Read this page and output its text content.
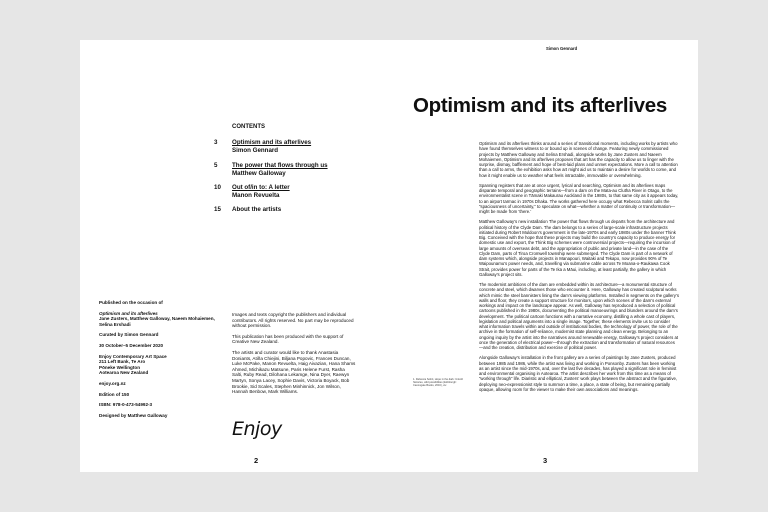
Simon Gennard
Optimism and its afterlives
CONTENTS
3 Optimism and its afterlives
Simon Gennard
5 The power that flows through us
Matthew Galloway
10 Out of/in to: A letter
Manon Revuelta
15 About the artists
Published on the occasion of
Optimism and its afterlives
Jane Zusters, Matthew Galloway, Naeem Mohaiemen, Selina Ershadi
Curated by Simon Gennard
30 October–5 December 2020
Enjoy Contemporary Art Space
211 Left Bank, Te Aro
Pōneke Wellington
Aotearoa New Zealand
enjoy.org.nz
Edition of 150
ISBN: 978-0-473-54992-3
Designed by Matthew Galloway
Images and texts copyright the publishers and individual contributors. All rights reserved. No part may be reproduced without permission.
This publication has been produced with the support of Creative New Zealand.
The artists and curator would like to thank Anastasia Doniants, Atiña Chiejini, Biljana Popovic, Frances Duncan, Luke McPake, Manon Revuelta, Haig Aivazian, Hana Shams Ahmed, Michikazu Matsune, Paris Helene Furst, Rasha Salti, Ruby Read, Dilohana Lekamge, Nina Dyer, Raewyn Martyn, Sonya Lacey, Sophie Davis, Victoria Boyack, Bob Brookie, Sid Scales, Stephen Minhinnick, Jon Wilson, Hannah Benbow, Mark Williams.
Enjoy
2	3
1. Rebecca Solnit, Hope in the dark: Untold histories, wild possibilities (Edinburgh: Canongate Books, 2016), xiv.

Optimism and its afterlives thinks around a series of transitional moments, including works by artists who have found themselves witness to or bound up in scenes of change. Featuring newly commissioned projects by Matthew Galloway and Selina Ershadi, alongside works by Jane Zusters and Naeem Mohaiemen, Optimism and its afterlives proposes that art has the capacity to allow us to linger with the surprise, dismay, bafflement and hope of best-laid plans and unmet expectations. More a call to attention than a call to arms, the exhibition asks how art might aid us to maintain a desire for worlds to come, and how it might enable us to weather what feels intractable, immovable or overwhelming.

Spanning registers that are at once urgent, lyrical and searching, Optimism and its afterlives maps disparate temporal and geographic terrains—from a dam on the Mata-au Clutha River in Otago, to the environmentalist scene in Tāmaki Makaurau Auckland in the 1980s, to that same city as it appears today, to an airport tarmac in 1970s Dhaka. The works gathered here occupy what Rebecca Solnit calls the “spaciousness of uncertainty,” to speculate on what—whether a matter of continuity or transformation—might be made from ‘there.’

Matthew Galloway’s new installation The power that flows through us departs from the architecture and political history of the Clyde Dam. The dam belongs to a series of large-scale infrastructure projects initiated during Robert Muldoon’s government in the late-1970s and early 1980s under the banner Think Big. Conceived with the hope that these projects may build the country’s capacity to produce energy for domestic use and export, the Think Big schemes were controversial projects—requiring the incursion of large amounts of overseas debt, and the appropriation of public and private land—in the case of the Clyde Dam, parts of Tiroa Cromwell township were submerged. The Clyde Dam is part of a network of dam systems which, alongside projects in Manapouri, Waitaki and Tekapo, now provides 90% of Te Waipounamu’s power needs, and, travelling via submarine cable across Te Moana-o-Raukawa Cook Strait, provides power for parts of the Te Ika a Māui, including, at least partially, the gallery in which Galloway’s project sits.

The modernist ambitions of the dam are embedded within its architecture—a monumental structure of concrete and steel, which dwarves those who encounter it. Here, Galloway has created sculptural works which mimic the steel bannisters lining the dam’s viewing platforms. Installed in segments on the gallery’s walls and floor, they create a support structure for monitors, upon which scenes of the dam’s external workings and impact on the landscape appear. As well, Galloway has reproduced a selection of political cartoons published in the 1980s, documenting the political manoeuvrings and blunders around the dam’s development. The political cartoon functions with a narrative economy, distilling a whole cast of players, legislation and political arguments into a single image. Together, these elements invite us to consider what information travels within and outside of institutional bodies, the technology of power, the role of the archive in the formation of self-reliance, modernist state planning and clean energy. Belonging to an ongoing inquiry by the artist into the narratives around renewable energy, Galloway’s project considers at once the generation of electrical power—through the extraction and transformation of natural resources—and the creation, distribution and exercise of political power.

Alongside Galloway’s installation in the front gallery are a series of paintings by Jane Zusters, produced between 1985 and 1986, while the artist was living and working in Ponsonby. Zusters has been working as an artist since the mid-1970s, and, over the last five decades, has played a significant role in feminist and environmental organising in Aotearoa. The artist describes her work from this time as a means of “working through” life. Diaristic and elliptical, Zusters’ work plays between the abstract and the figurative, deploying neo-expressionist style to summon a time, a place, a state of being, but remaining partially opaque, allowing room for the viewer to make their own associations and meanings.
